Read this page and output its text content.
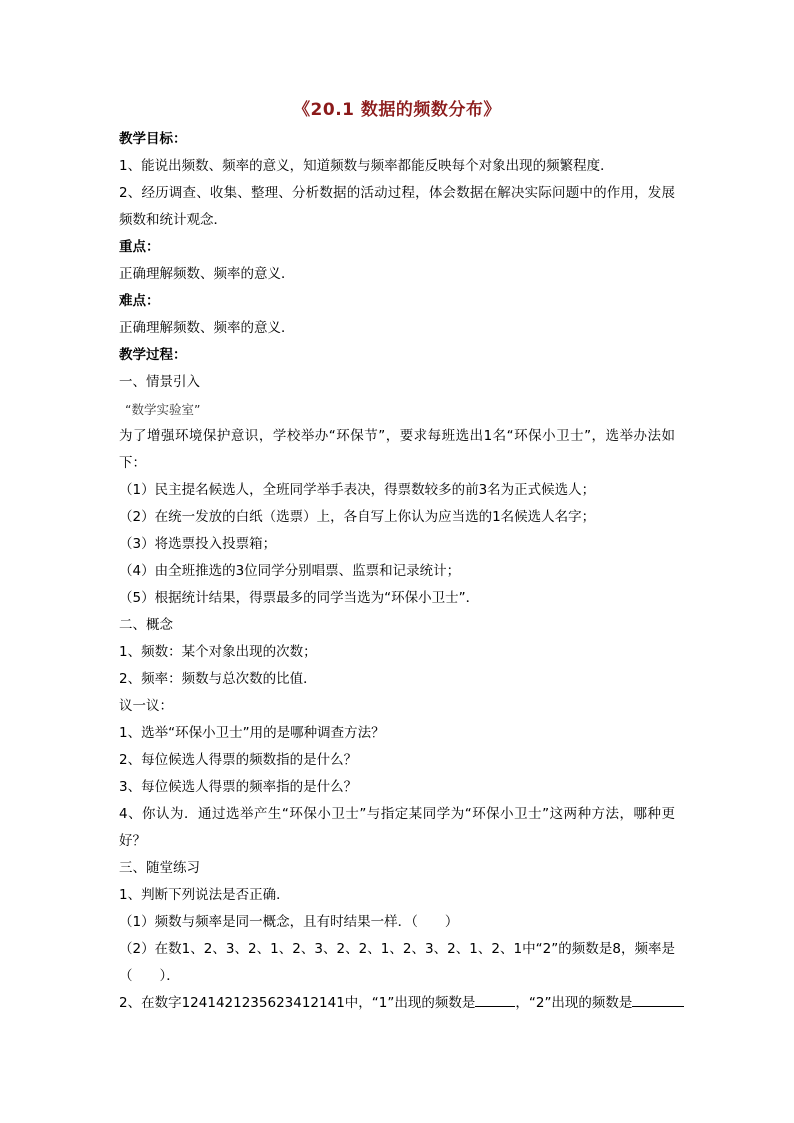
《20.1 数据的频数分布》
教学目标：
1、能说出频数、频率的意义，知道频数与频率都能反映每个对象出现的频繁程度．
2、经历调查、收集、整理、分析数据的活动过程，体会数据在解决实际问题中的作用，发展频数和统计观念．
重点：
正确理解频数、频率的意义．
难点：
正确理解频数、频率的意义．
教学过程：
一、情景引入
“数学实验室”
为了增强环境保护意识，学校举办“环保节”，要求每班选出1名“环保小卫士”，选举办法如下：
（1）民主提名候选人，全班同学举手表决，得票数较多的前3名为正式候选人；
（2）在统一发放的白纸（选票）上，各自写上你认为应当选的1名候选人名字；
（3）将选票投入投票箱；
（4）由全班推选的3位同学分别唱票、监票和记录统计；
（5）根据统计结果，得票最多的同学当选为“环保小卫士”．
二、概念
1、频数：某个对象出现的次数；
2、频率：频数与总次数的比值．
议一议：
1、选举“环保小卫士”用的是哪种调查方法？
2、每位候选人得票的频数指的是什么？
3、每位候选人得票的频率指的是什么？
4、你认为．通过选举产生“环保小卫士”与指定某同学为“环保小卫士”这两种方法，哪种更好？
三、随堂练习
1、判断下列说法是否正确．
（1）频数与频率是同一概念，且有时结果一样．（　　）
（2）在数1、2、3、2、1、2、3、2、2、1、2、3、2、1、2、1中“2”的频数是8，频率是（　　）．
2、在数字1241421235623412141中，“1”出现的频数是	，“2”出现的频数是
